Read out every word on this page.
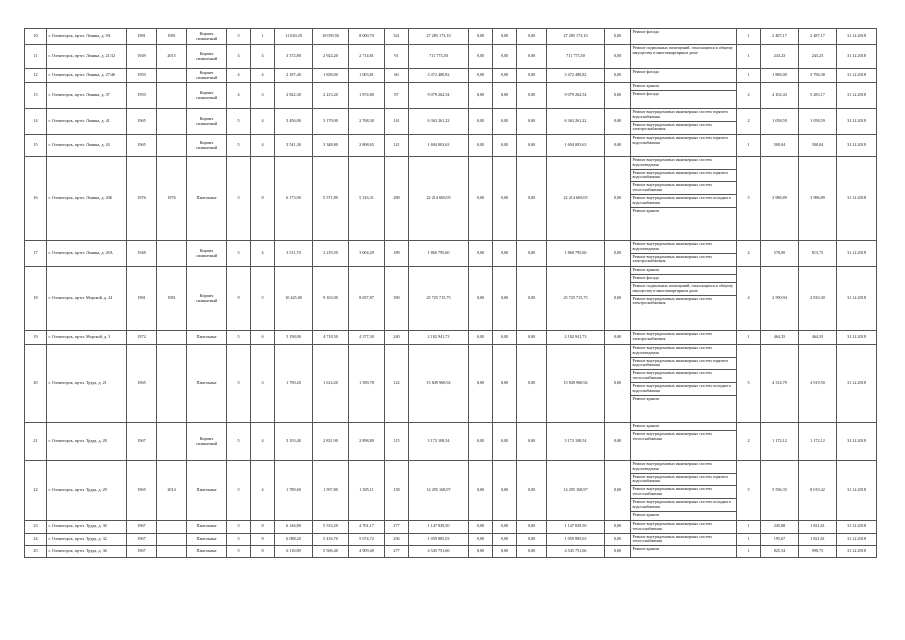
10	г. Оленегорск, пр-кт. Ленина, д. 9А	1981	1981	Кирпич силикатный	5	1	11 630,20	10 059,50	8 000,70	321	27 285 173,10	0,00	0,00	0,00	27 285 173,10	0,00	Ремонт фасада	1	2 487,17	2 487,17	31.12.2018
11	г. Оленегорск, пр-кт. Ленина, д. 21/32	1949	2015	Кирпич силикатный	4	4	3 372,80	2 922,20	2 714,81	91	711 773,50	0,00	0,00	0,00	711 773,50	0,00	Ремонт подвальных помещений, относящихся к общему имуществу в многоквартирном доме	1	243,23	243,23	31.12.2018
12	г. Оленегорск, пр-кт. Ленина, д. 27/46	1950		Кирпич силикатный	4	4	2 187,40	1 838,00	1 003,81	60	3 472 480,82	0,00	0,00	0,00	3 472 480,82	0,00	Ремонт фасада	1	1 886,00	3 796,38	31.12.2018
13	г. Оленегорск, пр-кт. Ленина, д. 37	1950		Кирпич силикатный	4	3	2 822,30	2 213,20	1 874,80	87	9 079 262,54	0,00	0,00	0,00	9 079 262,54	0,00	Ремонт крыши
Ремонт фасада	2	4 102,43	5 283,17	31.12.2018
14	г. Оленегорск, пр-кт. Ленина, д. 41	1965		Кирпич силикатный	5	4	3 456,00	3 170,00	2 768,30	141	6 363 261,22	0,00	0,00	0,00	6 363 261,22	0,00	Ремонт внутридомовых инженерных систем горячего водоснабжения
Ремонт внутридомовых инженерных систем электроснабжения	2	1 058,59	1 058,59	31.12.2018
15	г. Оленегорск, пр-кт. Ленина, д. 43	1965		Кирпич силикатный	5	4	3 541,30	3 348,80	2 808,65	121	1 694 003,63	0,00	0,00	0,00	1 694 003,63	0,00	Ремонт внутридомовых инженерных систем горячего водоснабжения	1	500,04	500,04	31.12.2018
16	г. Оленегорск, пр-кт. Ленина, д. 43Б	1976	1976	Панельные	5	8	6 173,90	5 571,80	5 316,31	289	22 214 669,05	0,00	0,00	0,00	22 214 669,05	0,00	Ремонт внутридомовых инженерных систем водоотведения
Ремонт внутридомовых инженерных систем горячего водоснабжения
Ремонт внутридомовых инженерных систем теплоснабжения
Ремонт внутридомовых инженерных систем холодного водоснабжения
Ремонт крыши	5	3 986,89	3 986,89	31.12.2018
17	г. Оленегорск, пр-кт. Ленина, д. 45А	1948		Кирпич силикатный	5	4	3 511,70	3 219,50	3 004,29	189	1 860 795,60	0,00	0,00	0,00	1 860 795,60	0,00	Ремонт внутридомовых инженерных систем водоотведения
Ремонт внутридомовых инженерных систем электроснабжения	2	578,00	813,73	31.12.2018
18	г. Оленегорск, пр-кт. Морской, д. 24	1981	1981	Кирпич силикатный	9	5	10 425,00	9 163,00	8 657,87	390	25 725 715,75	0,00	0,00	0,00	25 725 715,75	0,00	Ремонт крыши
Ремонт фасада
Ремонт подвальных помещений, относящихся к общему имуществу в многоквартирном доме
Ремонт внутридомовых инженерных систем электроснабжения	4	2 590,94	2 816,30	31.12.2018
19	г. Оленегорск, пр-кт. Морской, д. 3	1972		Панельные	5	6	5 198,00	4 718,50	4 377,30	240	2 182 941,73	0,00	0,00	0,00	2 182 941,73	0,00	Ремонт внутридомовых инженерных систем электроснабжения	1	464,35	464,35	31.12.2018
20	г. Оленегорск, пр-кт. Труда, д. 21	1965		Панельные	5	3	1 790,20	1 614,20	1 390,78	122	15 849 968,92	0,00	0,00	0,00	15 849 968,92	0,00	Ремонт внутридомовых инженерных систем водоотведения
Ремонт внутридомовых инженерных систем горячего водоснабжения
Ремонт внутридомовых инженерных систем теплоснабжения
Ремонт внутридомовых инженерных систем холодного водоснабжения
Ремонт крыши	5	4 314,79	4 919,50	31.12.2018
21	г. Оленегорск, пр-кт. Труда, д. 28	1967		Кирпич силикатный	5	4	3 103,40	2 831,90	2 898,80	115	3 172 108,54	0,00	0,00	0,00	3 172 108,54	0,00	Ремонт крыши
Ремонт внутридомовых инженерных систем теплоснабжения	2	1 172,12	1 172,12	31.12.2018
22	г. Оленегорск, пр-кт. Труда, д. 29	1965	2014	Панельные	5	4	1 789,60	1 597,80	1 385,11	158	14 295 168,97	0,00	0,00	0,00	14 295 168,97	0,00	Ремонт внутридомовых инженерных систем водоотведения
Ремонт внутридомовых инженерных систем горячего водоснабжения
Ремонт внутридомовых инженерных систем теплоснабжения
Ремонт внутридомовых инженерных систем холодного водоснабжения
Ремонт крыши	5	5 596,35	8 019,42	31.12.2018
23	г. Оленегорск, пр-кт. Труда, д. 30	1967		Панельные	5	8	6 146,80	5 533,20	4 701,17	277	1 147 829,50	0,00	0,00	0,00	1 147 829,50	0,00	Ремонт внутридомовых инженерных систем теплоснабжения	1	245,88	1 821,61	31.12.2018
24	г. Оленегорск, пр-кт. Труда, д. 32	1967		Панельные	5	8	6 088,20	5 416,70	5 074,72	256	1 059 885,03	0,00	0,00	0,00	1 059 885,03	0,00	Ремонт внутридомовых инженерных систем теплоснабжения	1	195,67	1 821,61	31.12.2018
25	г. Оленегорск, пр-кт. Труда, д. 36	1967		Панельные	5	8	6 110,80	5 506,40	4 909,40	277	4 545 751,66	0,00	0,00	0,00	4 545 751,66	0,00	Ремонт крыши	1	825,54	990,73	31.12.2018
